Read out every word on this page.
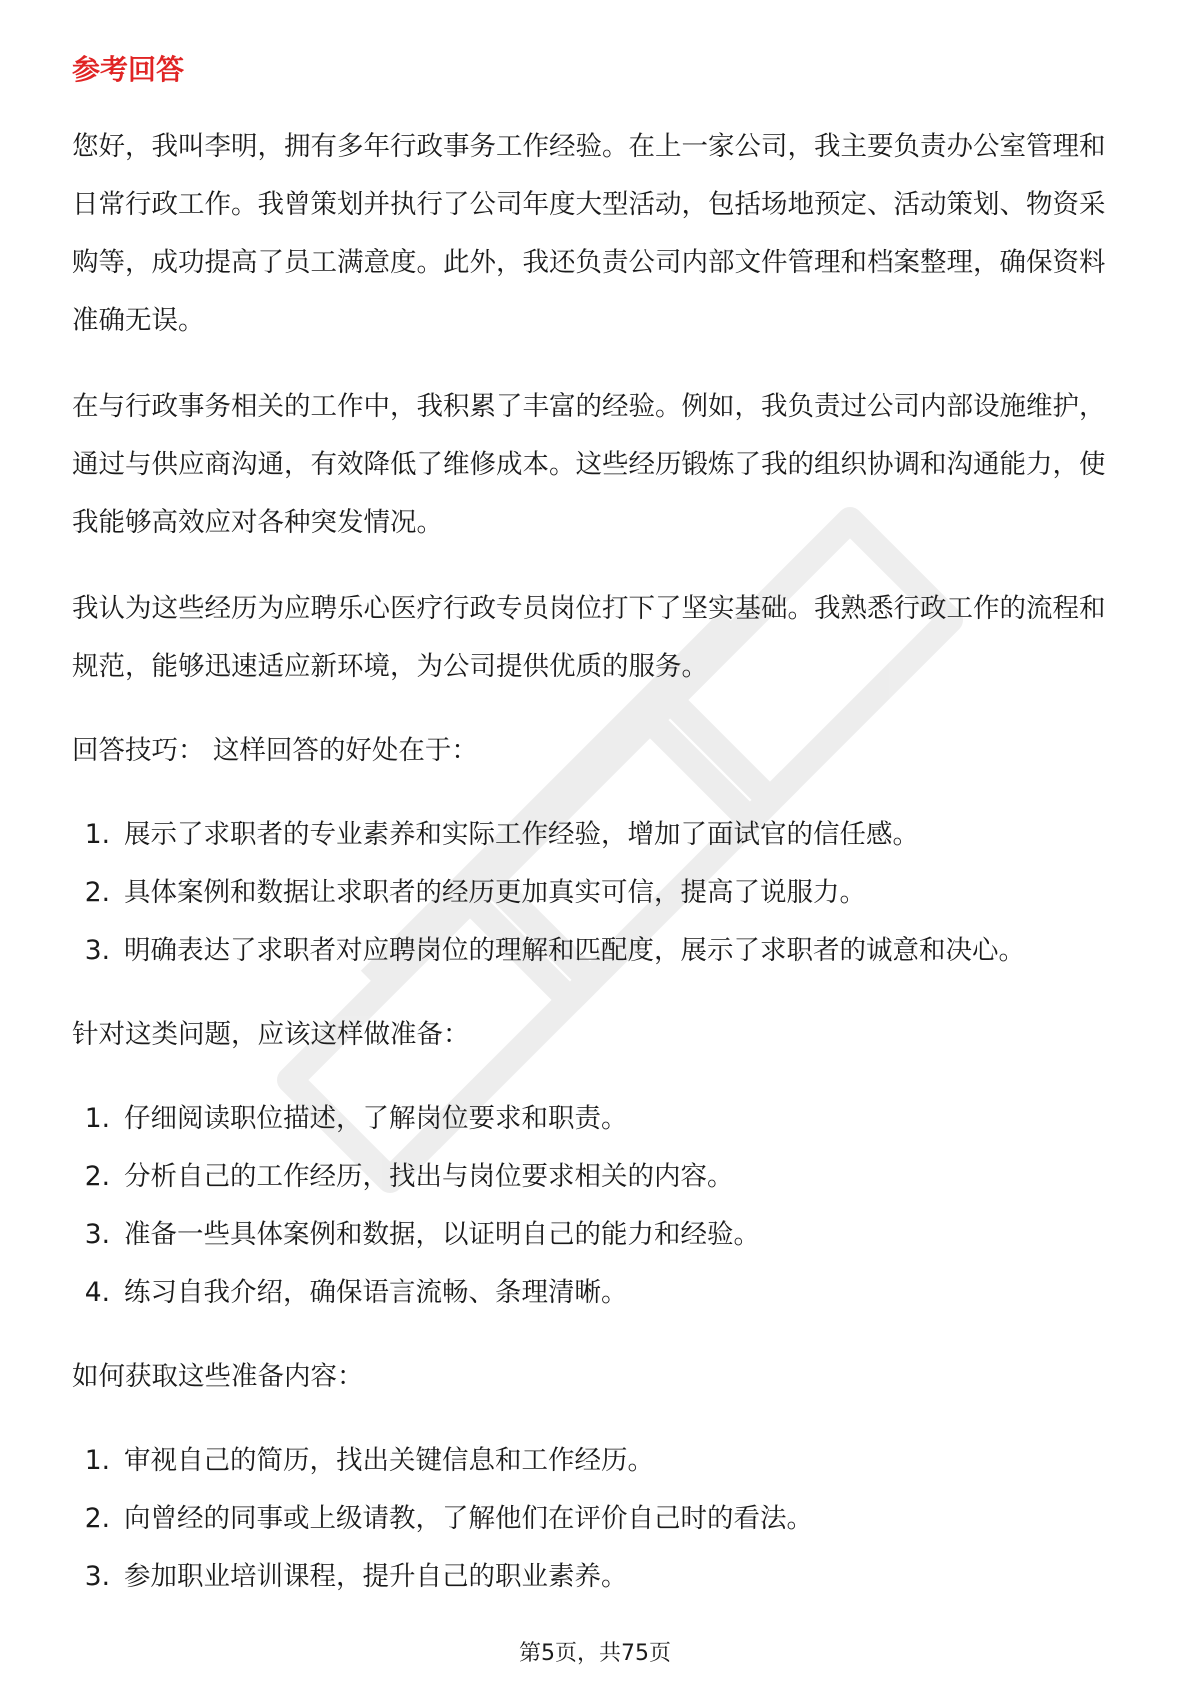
参考回答

您好，我叫李明，拥有多年行政事务工作经验。在上一家公司，我主要负责办公室管理和日常行政工作。我曾策划并执行了公司年度大型活动，包括场地预定、活动策划、物资采购等，成功提高了员工满意度。此外，我还负责公司内部文件管理和档案整理，确保资料准确无误。

在与行政事务相关的工作中，我积累了丰富的经验。例如，我负责过公司内部设施维护，通过与供应商沟通，有效降低了维修成本。这些经历锻炼了我的组织协调和沟通能力，使我能够高效应对各种突发情况。

我认为这些经历为应聘乐心医疗行政专员岗位打下了坚实基础。我熟悉行政工作的流程和规范，能够迅速适应新环境，为公司提供优质的服务。

回答技巧： 这样回答的好处在于：

1. 展示了求职者的专业素养和实际工作经验，增加了面试官的信任感。
2. 具体案例和数据让求职者的经历更加真实可信，提高了说服力。
3. 明确表达了求职者对应聘岗位的理解和匹配度，展示了求职者的诚意和决心。

针对这类问题，应该这样做准备：

1. 仔细阅读职位描述，了解岗位要求和职责。
2. 分析自己的工作经历，找出与岗位要求相关的内容。
3. 准备一些具体案例和数据，以证明自己的能力和经验。
4. 练习自我介绍，确保语言流畅、条理清晰。

如何获取这些准备内容：

1. 审视自己的简历，找出关键信息和工作经历。
2. 向曾经的同事或上级请教，了解他们在评价自己时的看法。
3. 参加职业培训课程，提升自己的职业素养。
第5页，共75页
